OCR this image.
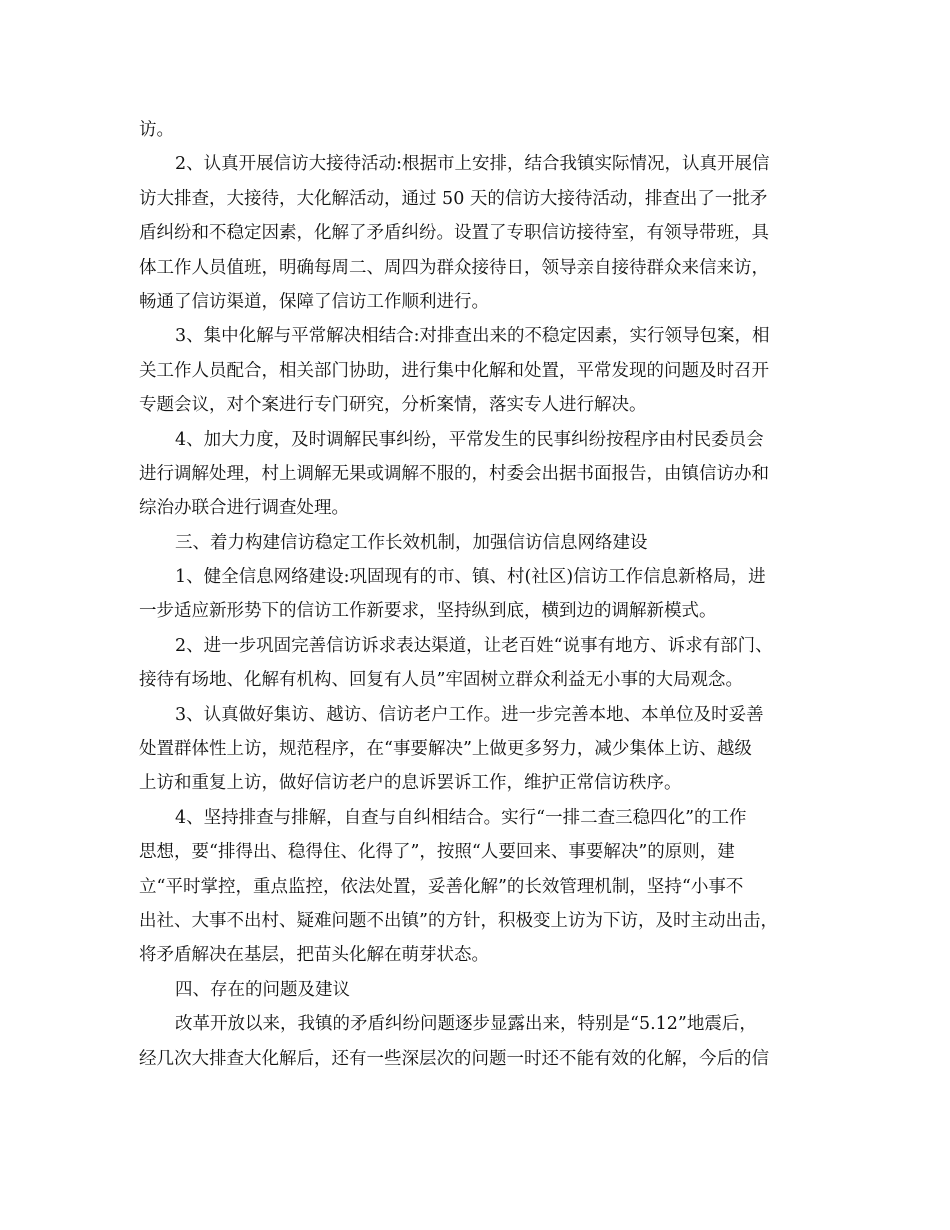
访。
2、认真开展信访大接待活动:根据市上安排，结合我镇实际情况，认真开展信
访大排查，大接待，大化解活动，通过 50 天的信访大接待活动，排查出了一批矛
盾纠纷和不稳定因素，化解了矛盾纠纷。设置了专职信访接待室，有领导带班，具
体工作人员值班，明确每周二、周四为群众接待日，领导亲自接待群众来信来访，
畅通了信访渠道，保障了信访工作顺利进行。
3、集中化解与平常解决相结合:对排查出来的不稳定因素，实行领导包案，相
关工作人员配合，相关部门协助，进行集中化解和处置，平常发现的问题及时召开
专题会议，对个案进行专门研究，分析案情，落实专人进行解决。
4、加大力度，及时调解民事纠纷，平常发生的民事纠纷按程序由村民委员会
进行调解处理，村上调解无果或调解不服的，村委会出据书面报告，由镇信访办和
综治办联合进行调查处理。
三、着力构建信访稳定工作长效机制，加强信访信息网络建设
1、健全信息网络建设:巩固现有的市、镇、村(社区)信访工作信息新格局，进
一步适应新形势下的信访工作新要求，坚持纵到底，横到边的调解新模式。
2、进一步巩固完善信访诉求表达渠道，让老百姓“说事有地方、诉求有部门、
接待有场地、化解有机构、回复有人员”牢固树立群众利益无小事的大局观念。
3、认真做好集访、越访、信访老户工作。进一步完善本地、本单位及时妥善
处置群体性上访，规范程序，在“事要解决”上做更多努力，减少集体上访、越级
上访和重复上访，做好信访老户的息诉罢诉工作，维护正常信访秩序。
4、坚持排查与排解，自查与自纠相结合。实行“一排二查三稳四化”的工作
思想，要“排得出、稳得住、化得了”，按照“人要回来、事要解决”的原则，建
立“平时掌控，重点监控，依法处置，妥善化解”的长效管理机制，坚持“小事不
出社、大事不出村、疑难问题不出镇”的方针，积极变上访为下访，及时主动出击，
将矛盾解决在基层，把苗头化解在萌芽状态。
四、存在的问题及建议
改革开放以来，我镇的矛盾纠纷问题逐步显露出来，特别是“5.12”地震后，
经几次大排查大化解后，还有一些深层次的问题一时还不能有效的化解，今后的信
